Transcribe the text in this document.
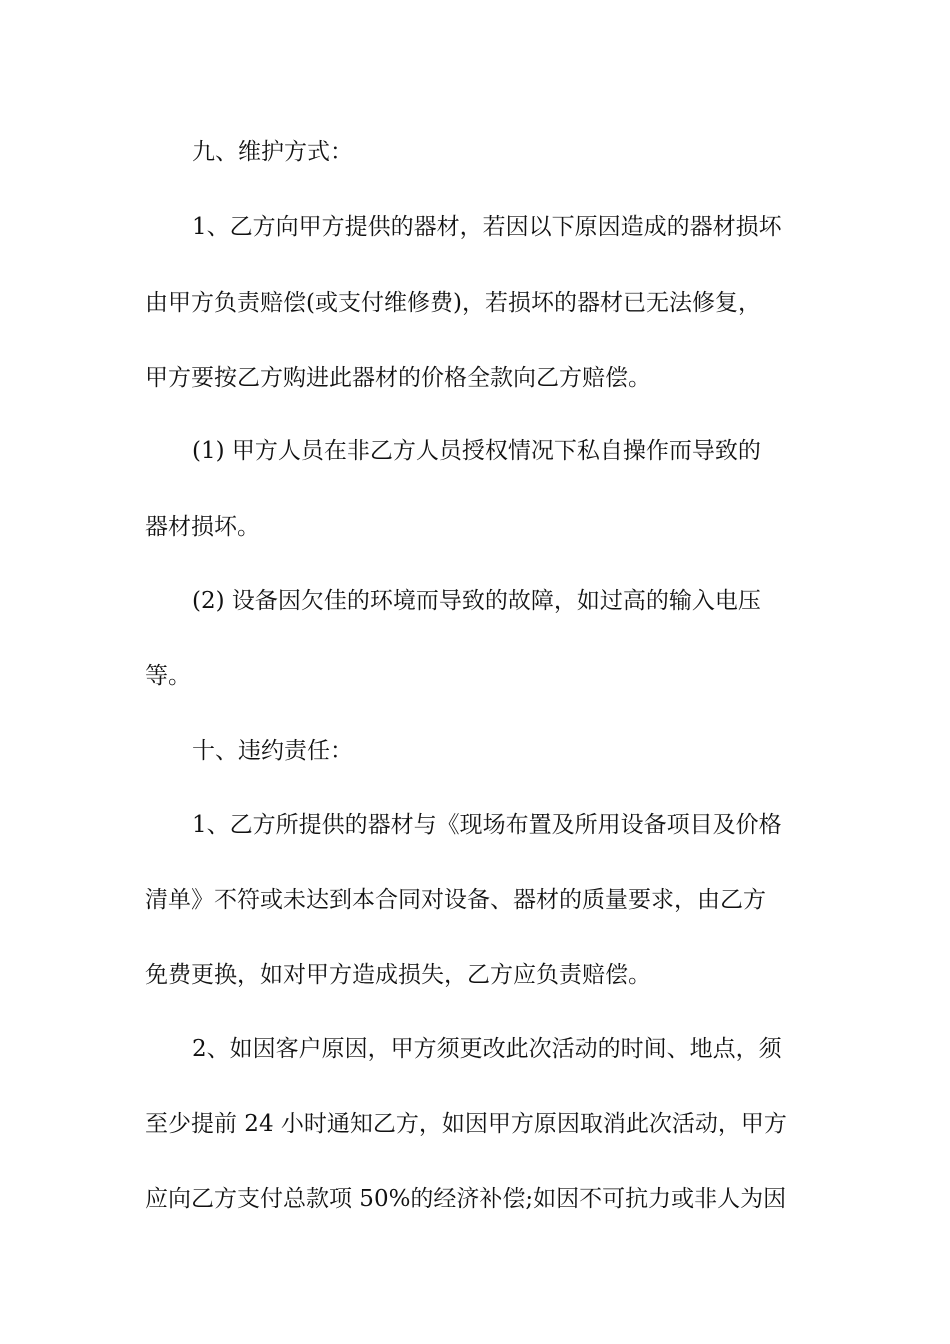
九、维护方式：
1、乙方向甲方提供的器材，若因以下原因造成的器材损坏
由甲方负责赔偿(或支付维修费)，若损坏的器材已无法修复，
甲方要按乙方购进此器材的价格全款向乙方赔偿。
(1) 甲方人员在非乙方人员授权情况下私自操作而导致的
器材损坏。
(2) 设备因欠佳的环境而导致的故障，如过高的输入电压
等。
十、违约责任：
1、乙方所提供的器材与《现场布置及所用设备项目及价格
清单》不符或未达到本合同对设备、器材的质量要求，由乙方
免费更换，如对甲方造成损失，乙方应负责赔偿。
2、如因客户原因，甲方须更改此次活动的时间、地点，须
至少提前 24 小时通知乙方，如因甲方原因取消此次活动，甲方
应向乙方支付总款项 50%的经济补偿;如因不可抗力或非人为因
